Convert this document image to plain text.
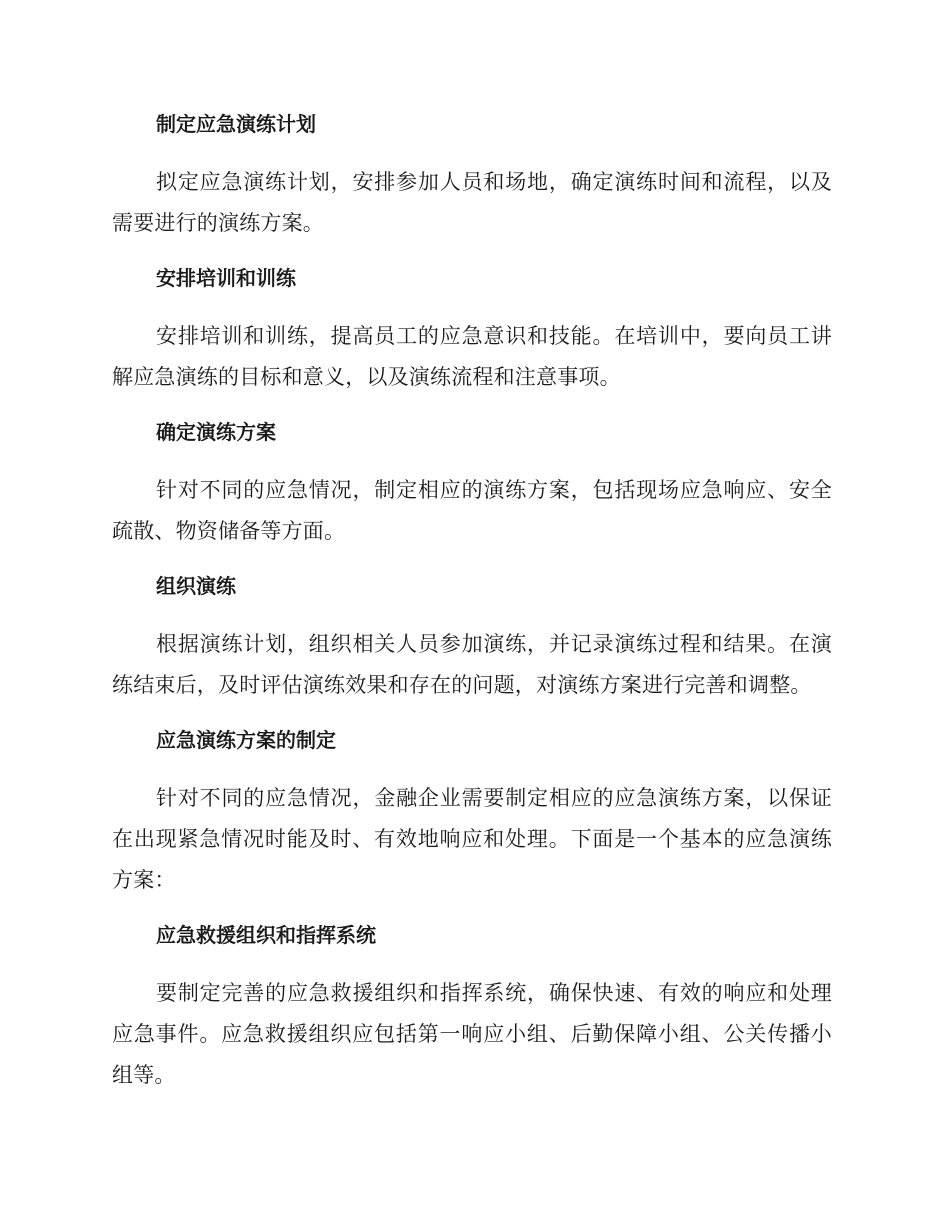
制定应急演练计划

拟定应急演练计划，安排参加人员和场地，确定演练时间和流程，以及需要进行的演练方案。

安排培训和训练

安排培训和训练，提高员工的应急意识和技能。在培训中，要向员工讲解应急演练的目标和意义，以及演练流程和注意事项。

确定演练方案

针对不同的应急情况，制定相应的演练方案，包括现场应急响应、安全疏散、物资储备等方面。

组织演练

根据演练计划，组织相关人员参加演练，并记录演练过程和结果。在演练结束后，及时评估演练效果和存在的问题，对演练方案进行完善和调整。

应急演练方案的制定

针对不同的应急情况，金融企业需要制定相应的应急演练方案，以保证在出现紧急情况时能及时、有效地响应和处理。下面是一个基本的应急演练方案：

应急救援组织和指挥系统

要制定完善的应急救援组织和指挥系统，确保快速、有效的响应和处理应急事件。应急救援组织应包括第一响应小组、后勤保障小组、公关传播小组等。
